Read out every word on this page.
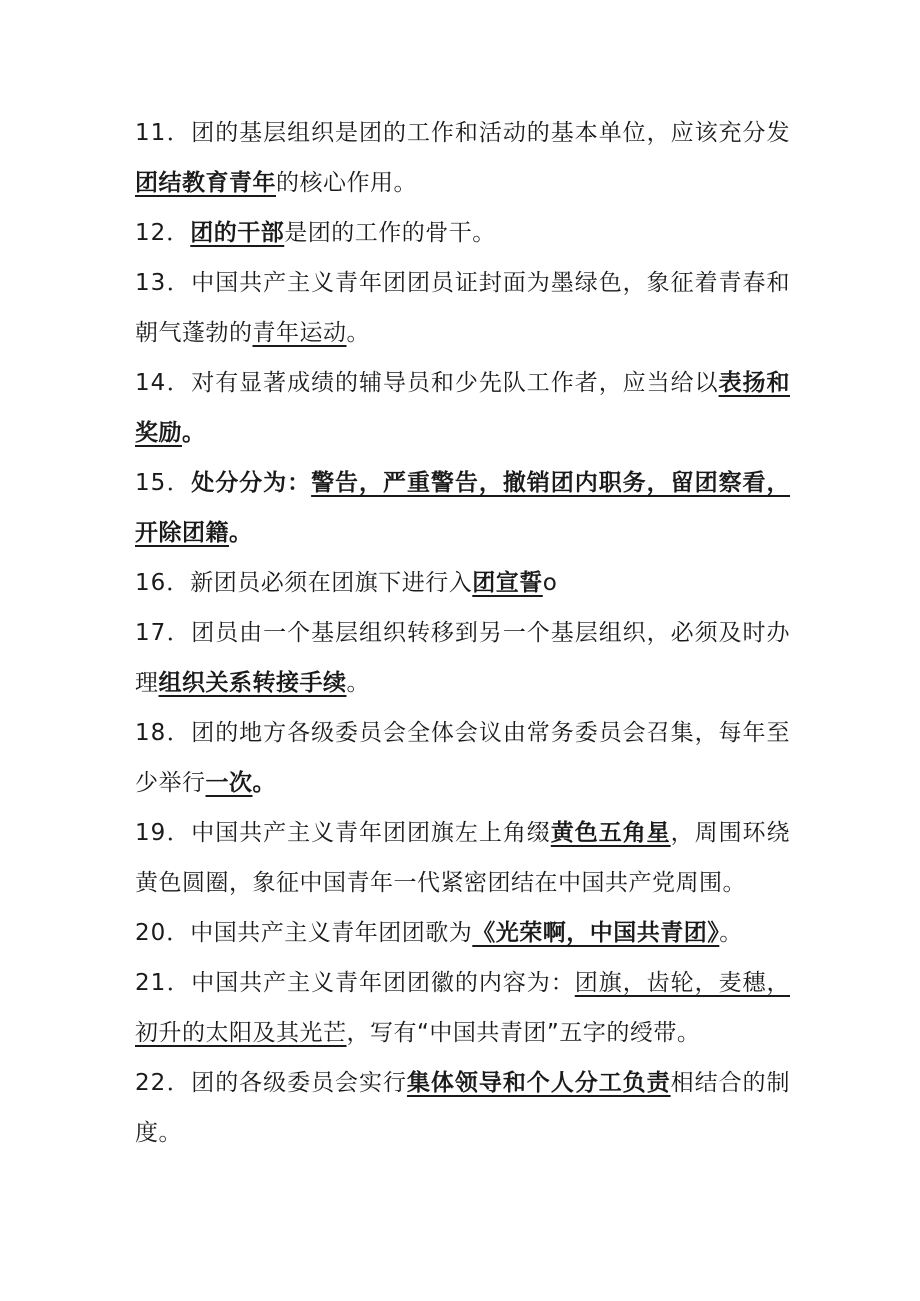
11．团的基层组织是团的工作和活动的基本单位，应该充分发团结教育青年的核心作用。

12．团的干部是团的工作的骨干。

13．中国共产主义青年团团员证封面为墨绿色，象征着青春和朝气蓬勃的青年运动。

14．对有显著成绩的辅导员和少先队工作者，应当给以表扬和奖励。

15．处分分为：警告，严重警告，撤销团内职务，留团察看，开除团籍。

16．新团员必须在团旗下进行入团宣誓o

17．团员由一个基层组织转移到另一个基层组织，必须及时办理组织关系转接手续。

18．团的地方各级委员会全体会议由常务委员会召集，每年至少举行一次。

19．中国共产主义青年团团旗左上角缀黄色五角星，周围环绕黄色圆圈，象征中国青年一代紧密团结在中国共产党周围。

20．中国共产主义青年团团歌为《光荣啊，中国共青团》。

21．中国共产主义青年团团徽的内容为：团旗，齿轮，麦穗，初升的太阳及其光芒，写有“中国共青团”五字的绶带。

22．团的各级委员会实行集体领导和个人分工负责相结合的制度。
